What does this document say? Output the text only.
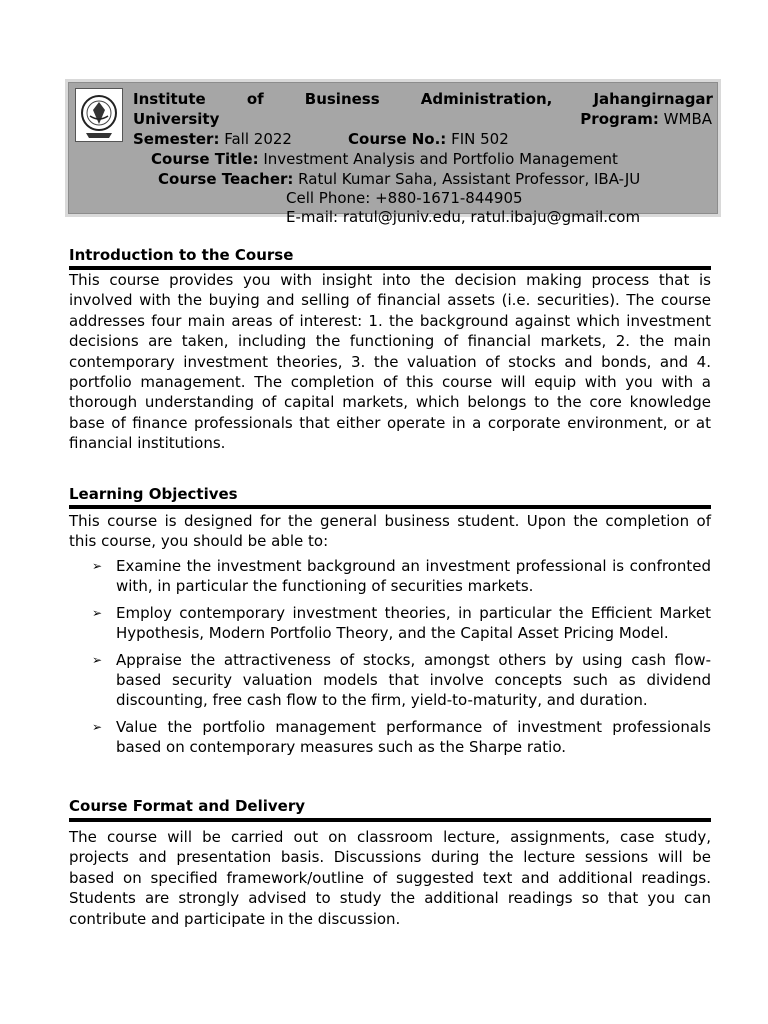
Institute	of	Business	Administration,	Jahangirnagar
University	Program: WMBA
Semester: Fall 2022	Course No.: FIN 502
Course Title: Investment Analysis and Portfolio Management
Course Teacher: Ratul Kumar Saha, Assistant Professor, IBA-JU
Cell Phone: +880-1671-844905
E-mail: ratul@juniv.edu, ratul.ibaju@gmail.com
Introduction to the Course

This course provides you with insight into the decision making process that is involved with the buying and selling of financial assets (i.e. securities). The course addresses four main areas of interest: 1. the background against which investment decisions are taken, including the functioning of financial markets, 2. the main contemporary investment theories, 3. the valuation of stocks and bonds, and 4. portfolio management. The completion of this course will equip with you with a thorough understanding of capital markets, which belongs to the core knowledge base of finance professionals that either operate in a corporate environment, or at financial institutions.

Learning Objectives

This course is designed for the general business student. Upon the completion of this course, you should be able to:

➢ Examine the investment background an investment professional is confronted with, in particular the functioning of securities markets.
➢ Employ contemporary investment theories, in particular the Efficient Market Hypothesis, Modern Portfolio Theory, and the Capital Asset Pricing Model.
➢ Appraise the attractiveness of stocks, amongst others by using cash flow-based security valuation models that involve concepts such as dividend discounting, free cash flow to the firm, yield-to-maturity, and duration.
➢ Value the portfolio management performance of investment professionals based on contemporary measures such as the Sharpe ratio.
Course Format and Delivery

The course will be carried out on classroom lecture, assignments, case study, projects and presentation basis. Discussions during the lecture sessions will be based on specified framework/outline of suggested text and additional readings. Students are strongly advised to study the additional readings so that you can contribute and participate in the discussion.
